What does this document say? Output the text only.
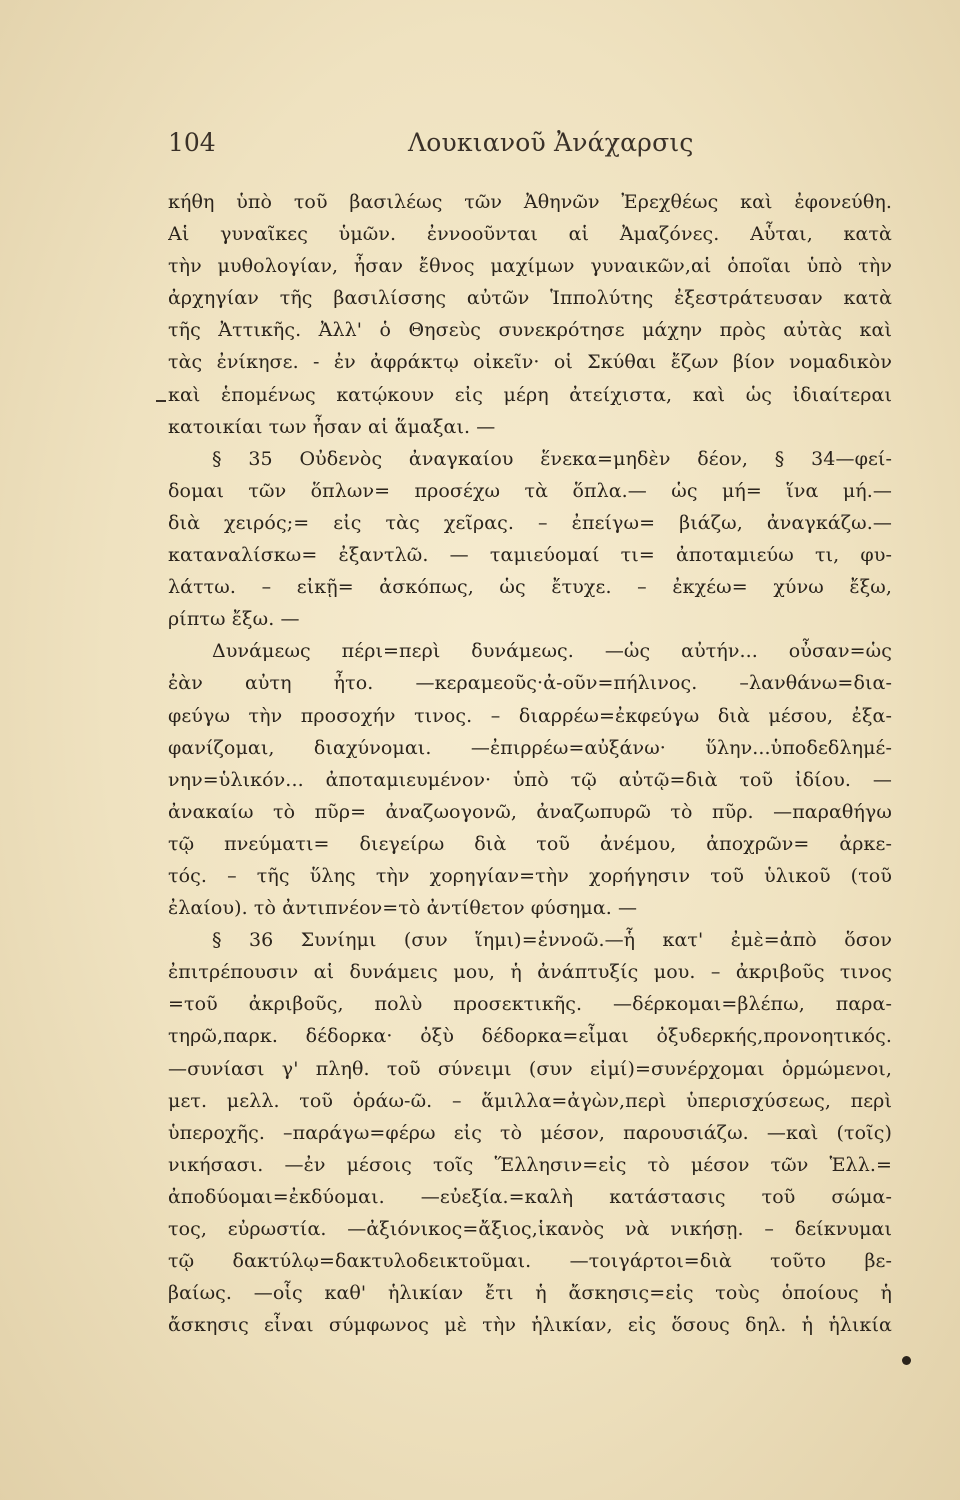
104	Λουκιανοῦ Ἀνάχαρσις
κήθη ὑπὸ τοῦ βασιλέως τῶν Ἀθηνῶν Ἐρεχθέως καὶ ἐφονεύθη.
Αἱ γυναῖκες ὑμῶν. ἐννοοῦνται αἱ Ἀμαζόνες. Αὗται, κατὰ
τὴν μυθολογίαν, ἦσαν ἔθνος μαχίμων γυναικῶν,αἱ ὁποῖαι ὑπὸ τὴν
ἀρχηγίαν τῆς βασιλίσσης αὐτῶν Ἱππολύτης ἐξεστράτευσαν κατὰ
τῆς Ἀττικῆς. Ἀλλ' ὁ Θησεὺς συνεκρότησε μάχην πρὸς αὐτὰς καὶ
τὰς ἐνίκησε. - ἐν ἀφράκτῳ οἰκεῖν· οἱ Σκύθαι ἔζων βίον νομαδικὸν
καὶ ἑπομένως κατῴκουν εἰς μέρη ἀτείχιστα, καὶ ὡς ἰδιαίτεραι
κατοικίαι των ἦσαν αἱ ἅμαξαι. —
§ 35 Οὐδενὸς ἀναγκαίου ἕνεκα=μηδὲν δέον, § 34—φεί-
δομαι τῶν ὅπλων= προσέχω τὰ ὅπλα.— ὡς μή= ἵνα μή.—
διὰ χειρός;= εἰς τὰς χεῖρας. – ἐπείγω= βιάζω, ἀναγκάζω.—
καταναλίσκω= ἐξαντλῶ. — ταμιεύομαί τι= ἀποταμιεύω τι, φυ-
λάττω. – εἰκῇ= ἀσκόπως, ὡς ἔτυχε. – ἐκχέω= χύνω ἔξω,
ρίπτω ἔξω. —
Δυνάμεως πέρι=περὶ δυνάμεως. —ὡς αὐτήν... οὖσαν=ὡς
ἐὰν αὐτη ἦτο. —κεραμεοῦς·ἀ-οῦν=πήλινος. –λανθάνω=δια-
φεύγω τὴν προσοχήν τινος. – διαρρέω=ἐκφεύγω διὰ μέσου, ἐξα-
φανίζομαι, διαχύνομαι. —ἐπιρρέω=αὐξάνω· ὕλην...ὑποδεδλημέ-
νην=ὑλικόν... ἀποταμιευμένον· ὑπὸ τῷ αὐτῷ=διὰ τοῦ ἰδίου. —
ἀνακαίω τὸ πῦρ= ἀναζωογονῶ, ἀναζωπυρῶ τὸ πῦρ. —παραθήγω
τῷ πνεύματι= διεγείρω διὰ τοῦ ἀνέμου, ἀποχρῶν= ἀρκε-
τός. – τῆς ὕλης τὴν χορηγίαν=τὴν χορήγησιν τοῦ ὑλικοῦ (τοῦ
ἐλαίου). τὸ ἀντιπνέον=τὸ ἀντίθετον φύσημα. —
§ 36 Συνίημι (συν ἵημι)=ἐννοῶ.—ἧ κατ' ἐμὲ=ἀπὸ ὅσον
ἐπιτρέπουσιν αἱ δυνάμεις μου, ἡ ἀνάπτυξίς μου. – ἀκριβοῦς τινος
=τοῦ ἀκριβοῦς, πολὺ προσεκτικῆς. —δέρκομαι=βλέπω, παρα-
τηρῶ,παρκ. δέδορκα· ὀξὺ δέδορκα=εἶμαι ὀξυδερκής,προνοητικός.
—συνίασι γ' πληθ. τοῦ σύνειμι (συν εἰμί)=συνέρχομαι ὁρμώμενοι,
μετ. μελλ. τοῦ ὁράω-ῶ. – ἅμιλλα=ἀγὼν,περὶ ὑπερισχύσεως, περὶ
ὑπεροχῆς. –παράγω=φέρω εἰς τὸ μέσον, παρουσιάζω. —καὶ (τοῖς)
νικήσασι. —ἐν μέσοις τοῖς Ἕλλησιν=εἰς τὸ μέσον τῶν Ἑλλ.=
ἀποδύομαι=ἐκδύομαι. —εὐεξία.=καλὴ κατάστασις τοῦ σώμα-
τος, εὐρωστία. —ἀξιόνικος=ἄξιος,ἱκανὸς νὰ νικήσῃ. – δείκνυμαι
τῷ δακτύλῳ=δακτυλοδεικτοῦμαι. —τοιγάρτοι=διὰ τοῦτο βε-
βαίως. —οἷς καθ' ἡλικίαν ἔτι ἡ ἄσκησις=εἰς τοὺς ὁποίους ἡ
ἄσκησις εἶναι σύμφωνος μὲ τὴν ἡλικίαν, εἰς ὅσους δηλ. ἡ ἡλικία
